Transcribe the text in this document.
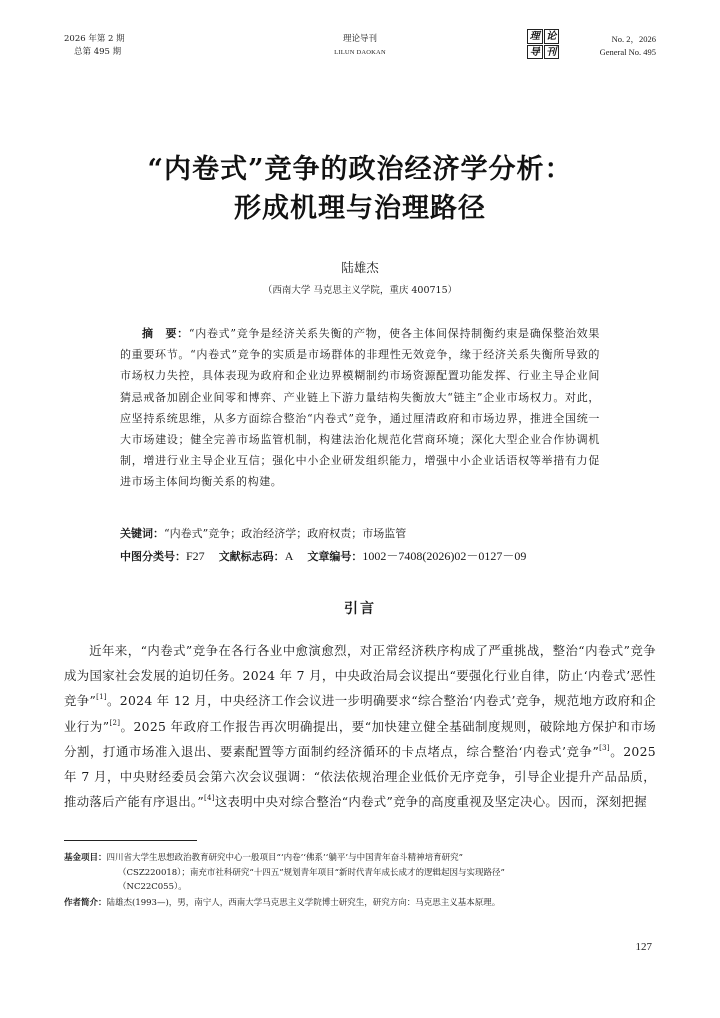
2026 年第 2 期
总第 495 期
理论导刊
LILUN DAOKAN
理 论
导 刊
No. 2，2026
General No. 495
“内卷式”竞争的政治经济学分析：
形成机理与治理路径
陆雄杰
（西南大学 马克思主义学院，重庆 400715）
摘　要：“内卷式”竞争是经济关系失衡的产物，使各主体间保持制衡约束是确保整治效果的重要环节。“内卷式”竞争的实质是市场群体的非理性无效竞争，缘于经济关系失衡所导致的市场权力失控，具体表现为政府和企业边界模糊制约市场资源配置功能发挥、行业主导企业间猜忌戒备加剧企业间零和博弈、产业链上下游力量结构失衡放大“链主”企业市场权力。对此，应坚持系统思维，从多方面综合整治“内卷式”竞争，通过厘清政府和市场边界，推进全国统一大市场建设；健全完善市场监管机制，构建法治化规范化营商环境；深化大型企业合作协调机制，增进行业主导企业互信；强化中小企业研发组织能力，增强中小企业话语权等举措有力促进市场主体间均衡关系的构建。
关键词：“内卷式”竞争；政治经济学；政府权责；市场监管
中图分类号：F27 文献标志码：A 文章编号：1002－7408(2026)02－0127－09
引言
近年来，“内卷式”竞争在各行各业中愈演愈烈，对正常经济秩序构成了严重挑战，整治“内卷式”竞争成为国家社会发展的迫切任务。2024 年 7 月，中央政治局会议提出“要强化行业自律，防止‘内卷式’恶性竞争”[1]。2024 年 12 月，中央经济工作会议进一步明确要求“综合整治‘内卷式’竞争，规范地方政府和企业行为”[2]。2025 年政府工作报告再次明确提出，要“加快建立健全基础制度规则，破除地方保护和市场分割，打通市场准入退出、要素配置等方面制约经济循环的卡点堵点，综合整治‘内卷式’竞争”[3]。2025 年 7 月，中央财经委员会第六次会议强调：“依法依规治理企业低价无序竞争，引导企业提升产品品质，推动落后产能有序退出。”[4]这表明中央对综合整治“内卷式”竞争的高度重视及坚定决心。因而，深刻把握
基金项目：四川省大学生思想政治教育研究中心一般项目“‘内卷’‘佛系’‘躺平’与中国青年奋斗精神培育研究”
（CSZ220018）；南充市社科研究“十四五”规划青年项目“新时代青年成长成才的逻辑起因与实现路径”
（NC22C055）。
作者简介：陆雄杰(1993—)，男，南宁人，西南大学马克思主义学院博士研究生，研究方向：马克思主义基本原理。
127
